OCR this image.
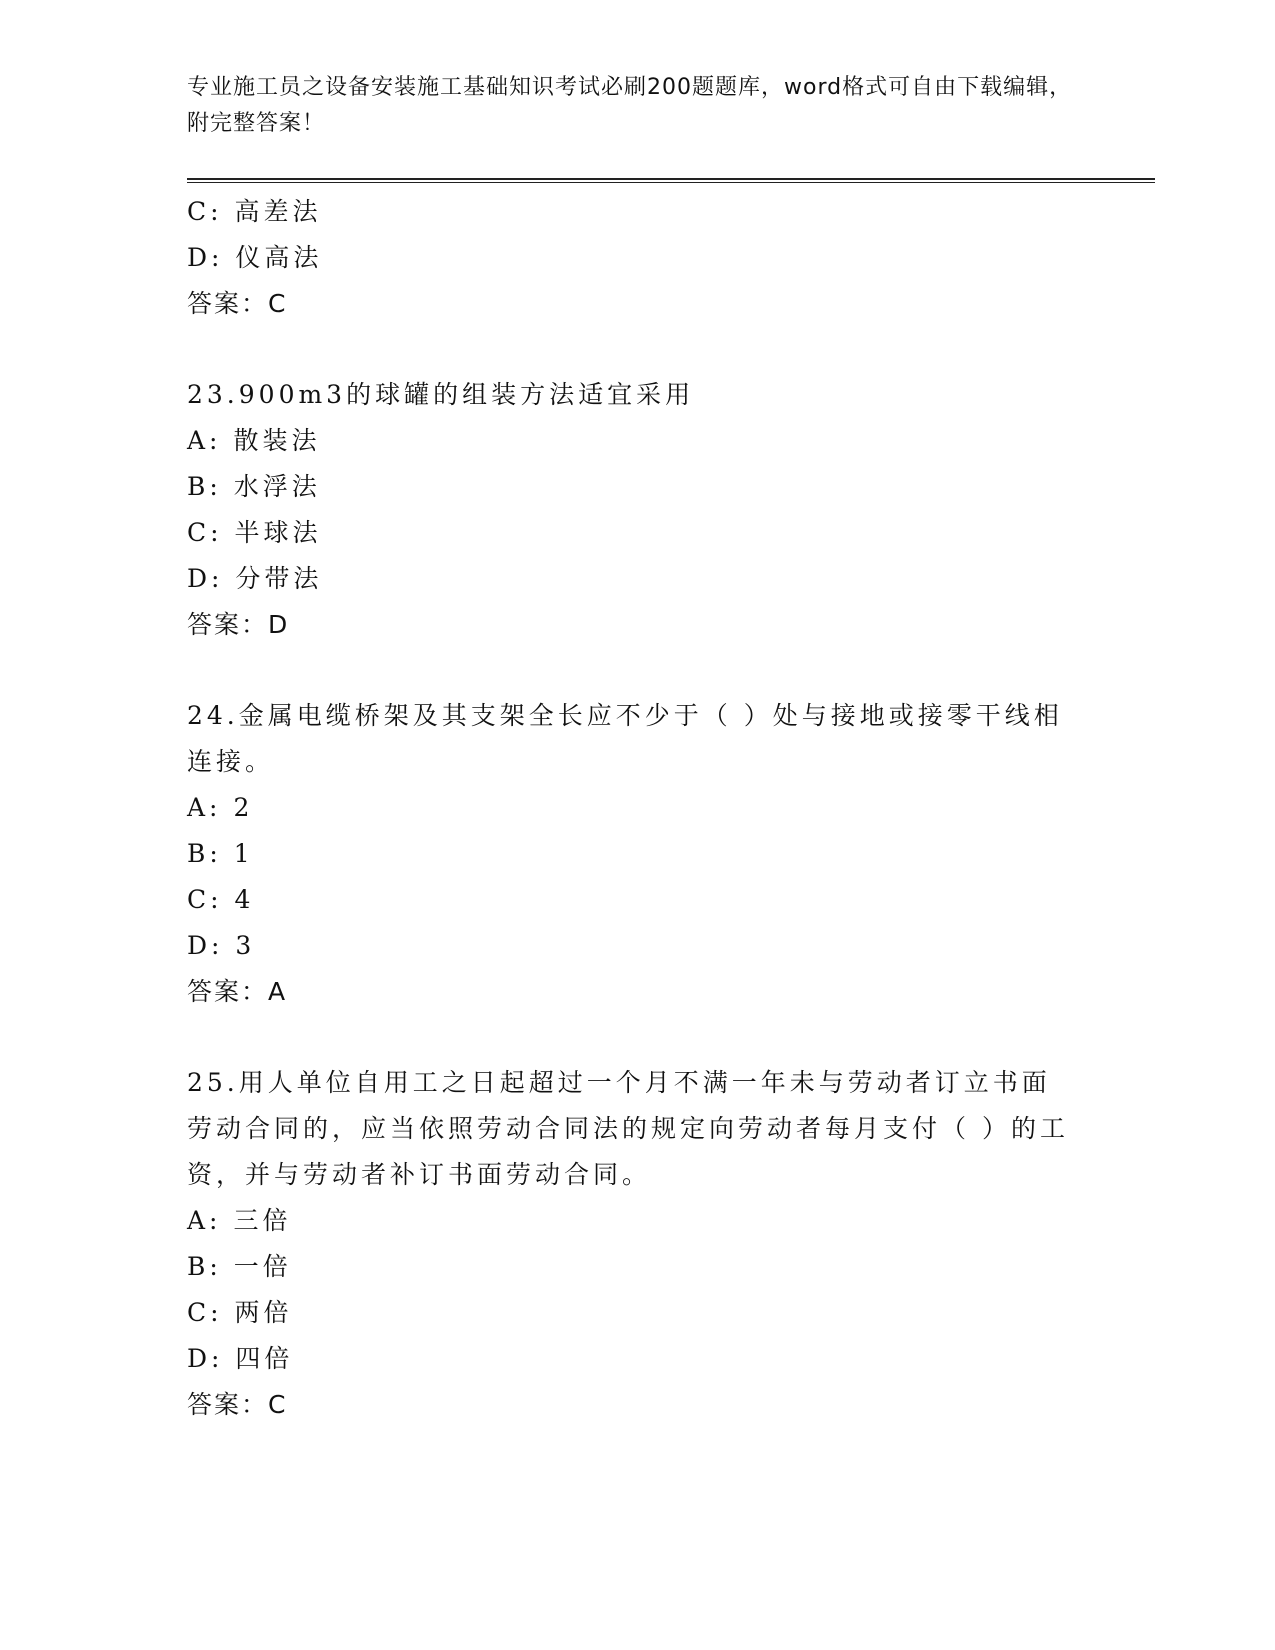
专业施工员之设备安装施工基础知识考试必刷200题题库，word格式可自由下载编辑，附完整答案！
C: 高差法
D: 仪高法
答案：C
23.900m3的球罐的组装方法适宜采用
A: 散装法
B: 水浮法
C: 半球法
D: 分带法
答案：D
24.金属电缆桥架及其支架全长应不少于（ ）处与接地或接零干线相连接。
A: 2
B: 1
C: 4
D: 3
答案：A
25.用人单位自用工之日起超过一个月不满一年未与劳动者订立书面劳动合同的，应当依照劳动合同法的规定向劳动者每月支付（ ）的工资，并与劳动者补订书面劳动合同。
A: 三倍
B: 一倍
C: 两倍
D: 四倍
答案：C
